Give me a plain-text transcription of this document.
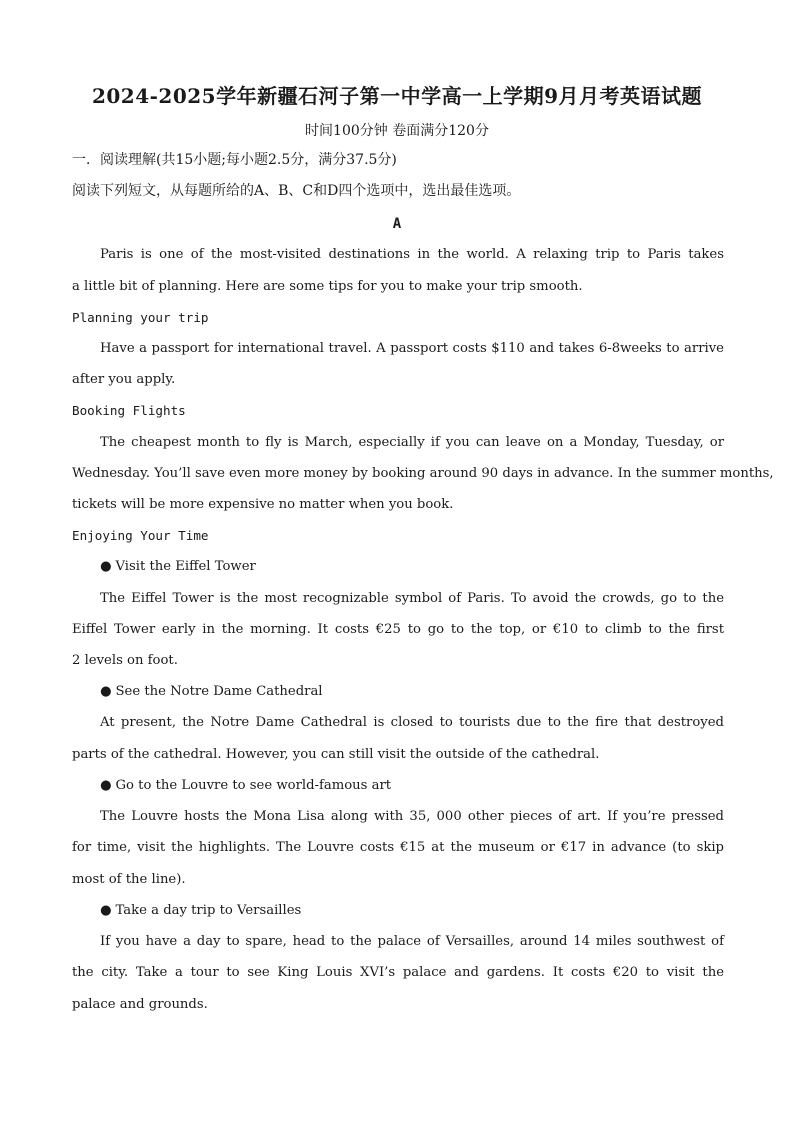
2024-2025学年新疆石河子第一中学高一上学期9月月考英语试题
时间100分钟 卷面满分120分
一．阅读理解(共15小题;每小题2.5分，满分37.5分)
阅读下列短文，从每题所给的A、B、C和D四个选项中，选出最佳选项。
A
Paris is one of the most-visited destinations in the world. A relaxing trip to Paris takes
a little bit of planning. Here are some tips for you to make your trip smooth.
Planning your trip
Have a passport for international travel. A passport costs $110 and takes 6-8weeks to arrive
after you apply.
Booking Flights
The cheapest month to fly is March, especially if you can leave on a Monday, Tuesday, or
Wednesday. You’ll save even more money by booking around 90 days in advance. In the summer months,
tickets will be more expensive no matter when you book.
Enjoying Your Time
● Visit the Eiffel Tower
The Eiffel Tower is the most recognizable symbol of Paris. To avoid the crowds, go to the
Eiffel Tower early in the morning. It costs €25 to go to the top, or €10 to climb to the first
2 levels on foot.
● See the Notre Dame Cathedral
At present, the Notre Dame Cathedral is closed to tourists due to the fire that destroyed
parts of the cathedral. However, you can still visit the outside of the cathedral.
● Go to the Louvre to see world-famous art
The Louvre hosts the Mona Lisa along with 35, 000 other pieces of art. If you’re pressed
for time, visit the highlights. The Louvre costs €15 at the museum or €17 in advance (to skip
most of the line).
● Take a day trip to Versailles
If you have a day to spare, head to the palace of Versailles, around 14 miles southwest of
the city. Take a tour to see King Louis XVI’s palace and gardens. It costs €20 to visit the
palace and grounds.
